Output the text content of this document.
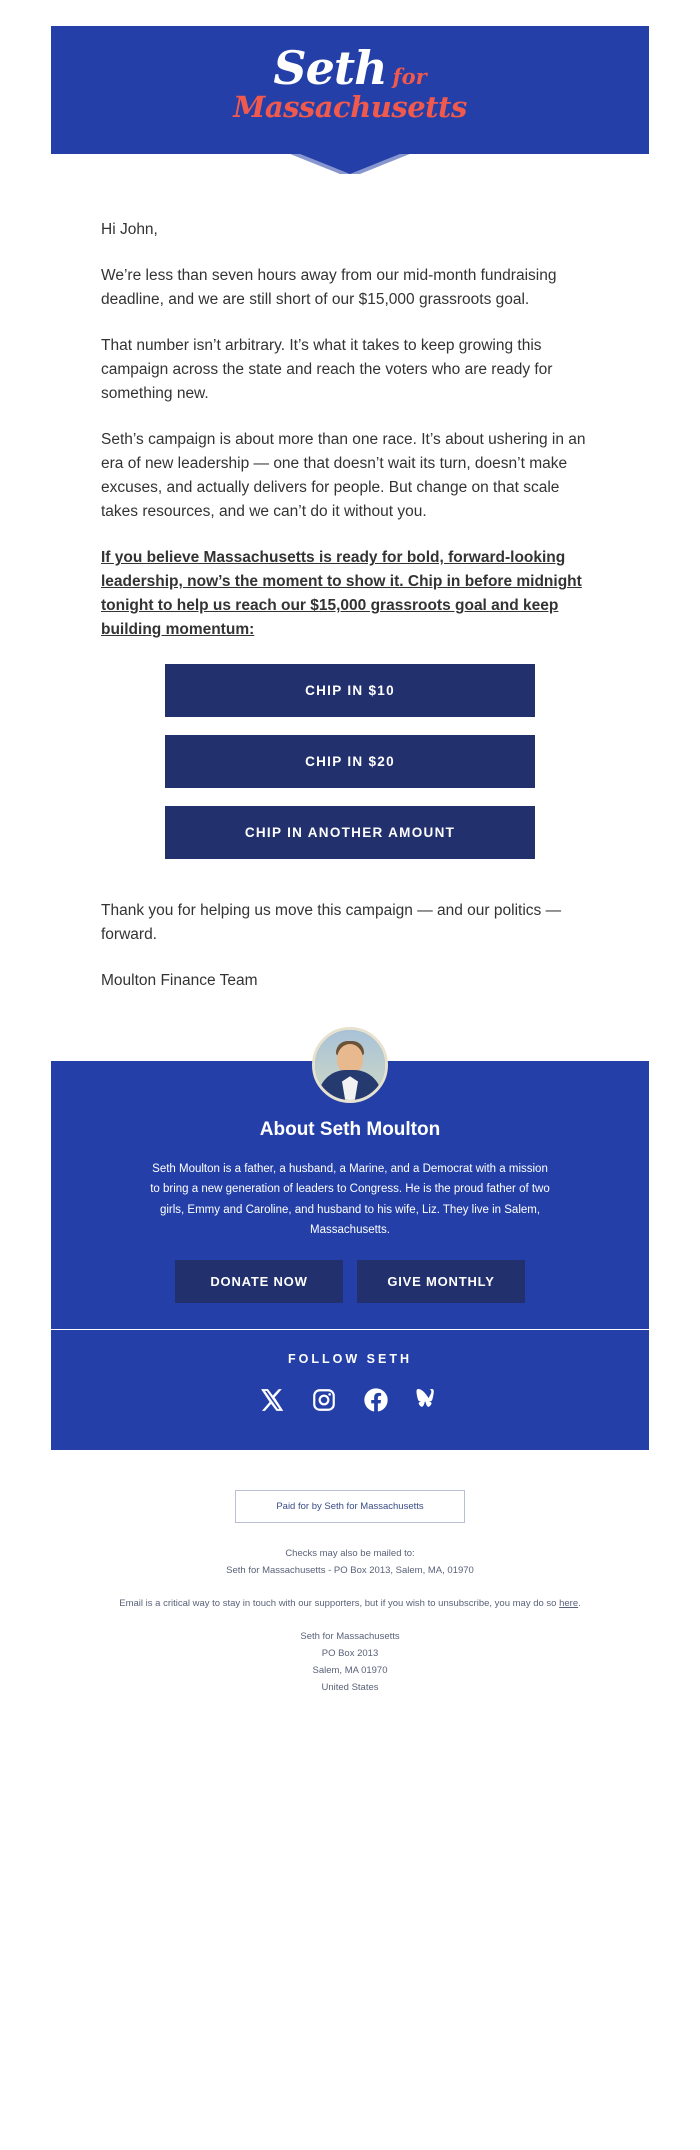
Seth for
Massachusetts

Hi John,

We’re less than seven hours away from our mid-month fundraising deadline, and we are still short of our $15,000 grassroots goal.

That number isn’t arbitrary. It’s what it takes to keep growing this campaign across the state and reach the voters who are ready for something new.

Seth’s campaign is about more than one race. It’s about ushering in an era of new leadership — one that doesn’t wait its turn, doesn’t make excuses, and actually delivers for people. But change on that scale takes resources, and we can’t do it without you.

If you believe Massachusetts is ready for bold, forward-looking leadership, now’s the moment to show it. Chip in before midnight tonight to help us reach our $15,000 grassroots goal and keep building momentum:

CHIP IN $10
CHIP IN $20
CHIP IN ANOTHER AMOUNT

Thank you for helping us move this campaign — and our politics — forward.

Moulton Finance Team

About Seth Moulton

Seth Moulton is a father, a husband, a Marine, and a Democrat with a mission to bring a new generation of leaders to Congress. He is the proud father of two girls, Emmy and Caroline, and husband to his wife, Liz. They live in Salem, Massachusetts.

DONATE NOW	GIVE MONTHLY
FOLLOW SETH
Paid for by Seth for Massachusetts

Checks may also be mailed to:
Seth for Massachusetts - PO Box 2013, Salem, MA, 01970

Email is a critical way to stay in touch with our supporters, but if you wish to unsubscribe, you may do so here.

Seth for Massachusetts
PO Box 2013
Salem, MA 01970
United States
